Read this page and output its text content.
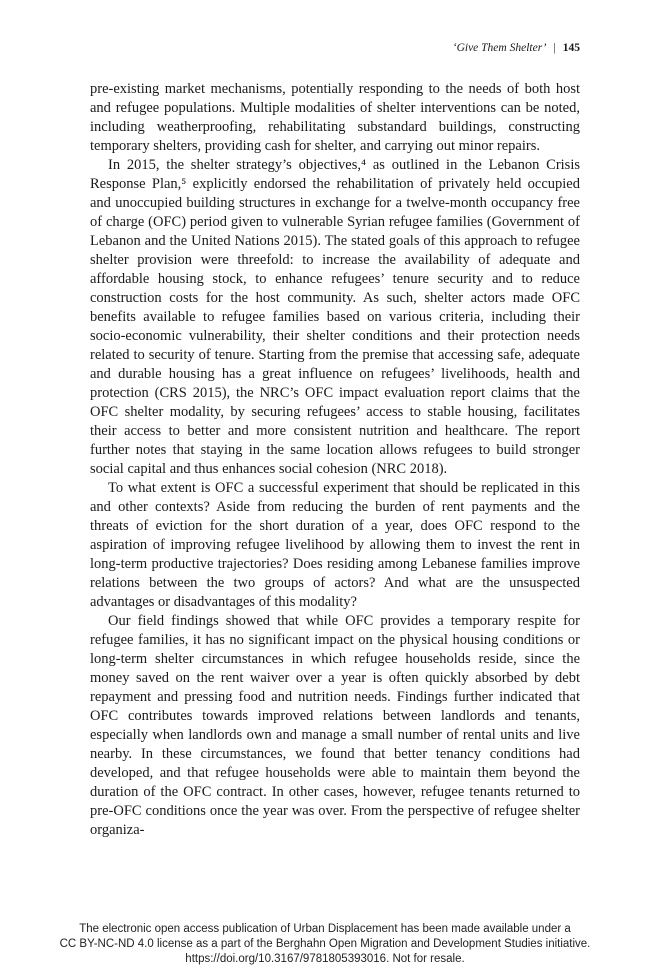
‘Give Them Shelter’ | 145

pre-existing market mechanisms, potentially responding to the needs of both host and refugee populations. Multiple modalities of shelter interventions can be noted, including weatherproofing, rehabilitating substandard buildings, constructing temporary shelters, providing cash for shelter, and carrying out minor repairs.

In 2015, the shelter strategy’s objectives,⁴ as outlined in the Lebanon Crisis Response Plan,⁵ explicitly endorsed the rehabilitation of privately held occupied and unoccupied building structures in exchange for a twelve-month occupancy free of charge (OFC) period given to vulnerable Syrian refugee families (Government of Lebanon and the United Nations 2015). The stated goals of this approach to refugee shelter provision were threefold: to increase the availability of adequate and affordable housing stock, to enhance refugees’ tenure security and to reduce construction costs for the host community. As such, shelter actors made OFC benefits available to refugee families based on various criteria, including their socio-economic vulnerability, their shelter conditions and their protection needs related to security of tenure. Starting from the premise that accessing safe, adequate and durable housing has a great influence on refugees’ livelihoods, health and protection (CRS 2015), the NRC’s OFC impact evaluation report claims that the OFC shelter modality, by securing refugees’ access to stable housing, facilitates their access to better and more consistent nutrition and healthcare. The report further notes that staying in the same location allows refugees to build stronger social capital and thus enhances social cohesion (NRC 2018).

To what extent is OFC a successful experiment that should be replicated in this and other contexts? Aside from reducing the burden of rent payments and the threats of eviction for the short duration of a year, does OFC respond to the aspiration of improving refugee livelihood by allowing them to invest the rent in long-term productive trajectories? Does residing among Lebanese families improve relations between the two groups of actors? And what are the unsuspected advantages or disadvantages of this modality?

Our field findings showed that while OFC provides a temporary respite for refugee families, it has no significant impact on the physical housing conditions or long-term shelter circumstances in which refugee households reside, since the money saved on the rent waiver over a year is often quickly absorbed by debt repayment and pressing food and nutrition needs. Findings further indicated that OFC contributes towards improved relations between landlords and tenants, especially when landlords own and manage a small number of rental units and live nearby. In these circumstances, we found that better tenancy conditions had developed, and that refugee households were able to maintain them beyond the duration of the OFC contract. In other cases, however, refugee tenants returned to pre-OFC conditions once the year was over. From the perspective of refugee shelter organiza-

The electronic open access publication of Urban Displacement has been made available under a
CC BY-NC-ND 4.0 license as a part of the Berghahn Open Migration and Development Studies initiative.
https://doi.org/10.3167/9781805393016. Not for resale.
